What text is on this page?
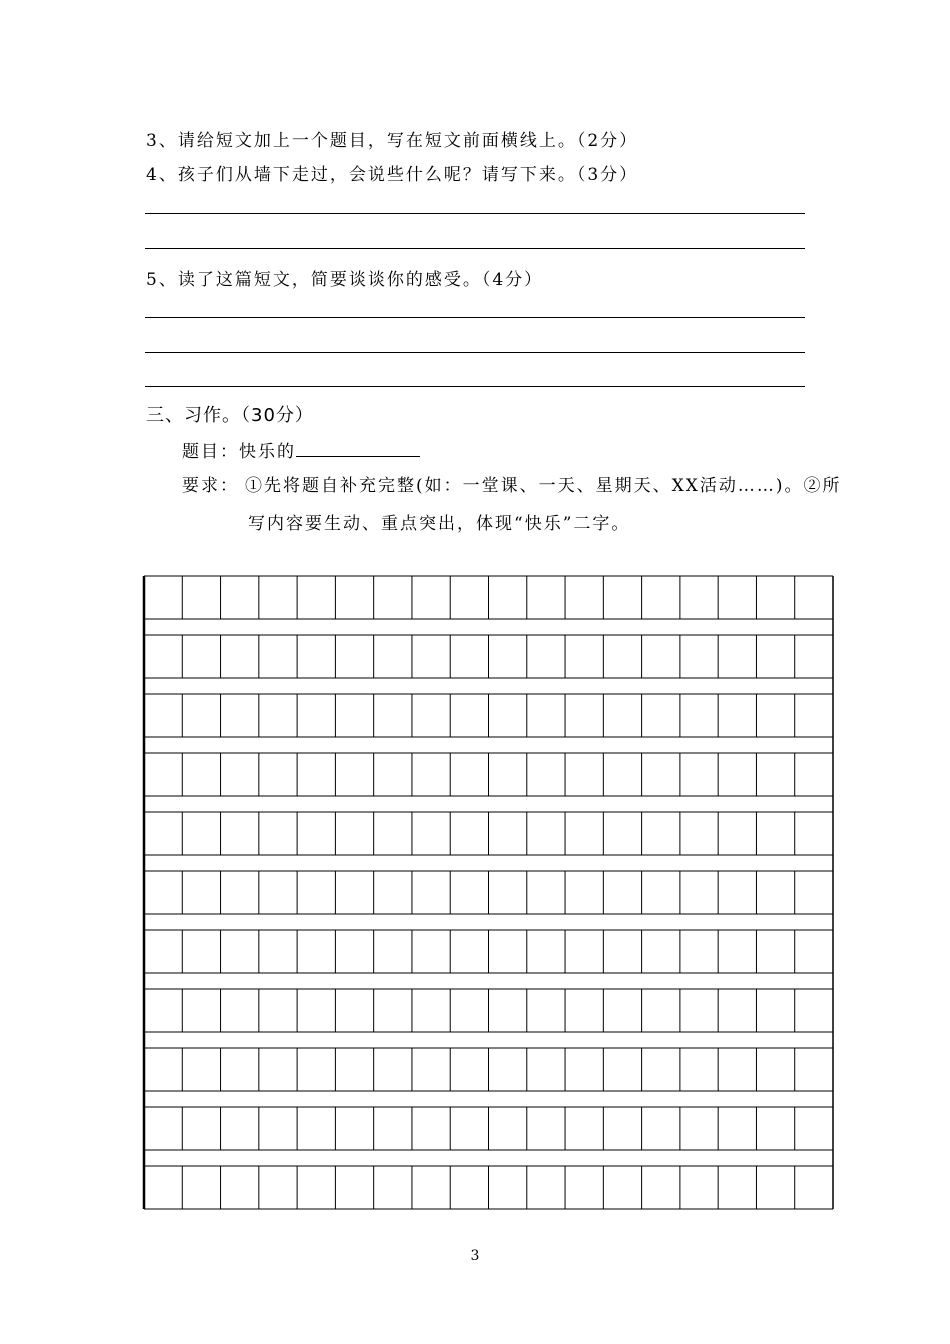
3、请给短文加上一个题目，写在短文前面横线上。（2分）
4、孩子们从墙下走过，会说些什么呢？请写下来。（3分）
5、读了这篇短文，简要谈谈你的感受。（4分）
三、习作。（30分）
题目：快乐的
要求： ①先将题自补充完整(如：一堂课、一天、星期天、XX活动……)。②所
写内容要生动、重点突出，体现“快乐”二字。
3
